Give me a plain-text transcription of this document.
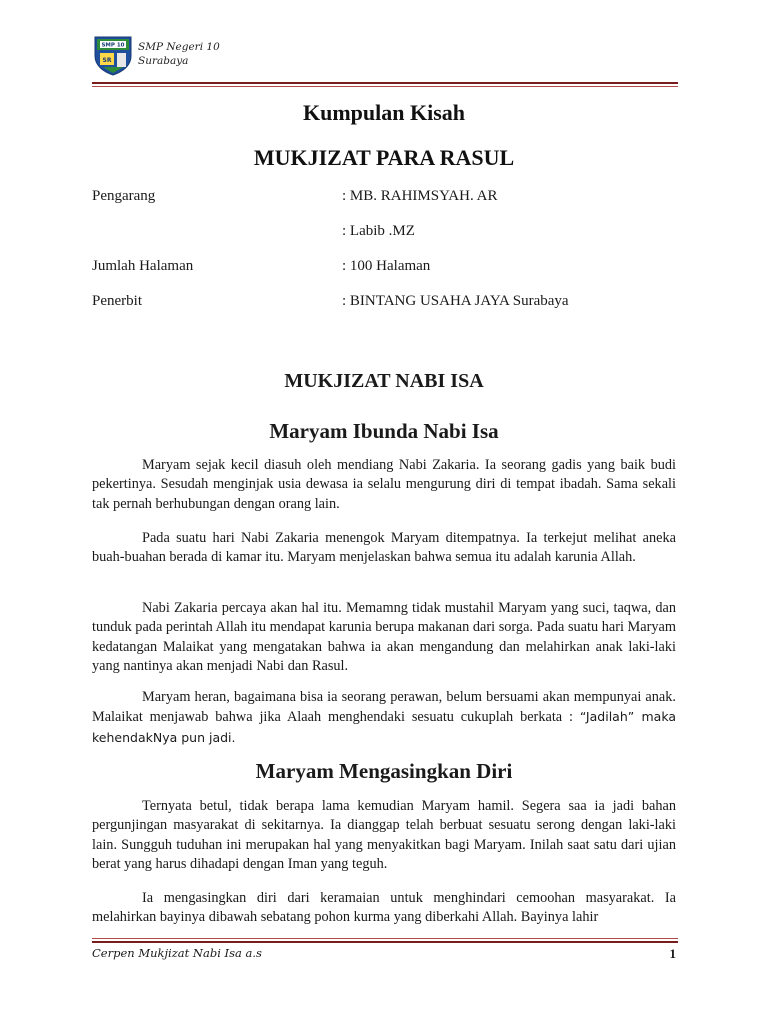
SMP 10
SR
SMP Negeri 10
Surabaya
Kumpulan Kisah
MUKJIZAT PARA RASUL
Pengarang	: MB. RAHIMSYAH. AR
: Labib .MZ
Jumlah Halaman	: 100 Halaman
Penerbit	: BINTANG USAHA JAYA Surabaya
MUKJIZAT NABI ISA
Maryam Ibunda Nabi Isa

Maryam sejak kecil diasuh oleh mendiang Nabi Zakaria. Ia seorang gadis yang baik budi pekertinya. Sesudah menginjak usia dewasa ia selalu mengurung diri di tempat ibadah. Sama sekali tak pernah berhubungan dengan orang lain.

Pada suatu hari Nabi Zakaria menengok Maryam ditempatnya. Ia terkejut melihat aneka buah-buahan berada di kamar itu. Maryam menjelaskan bahwa semua itu adalah karunia Allah.

Nabi Zakaria percaya akan hal itu. Memamng tidak mustahil Maryam yang suci, taqwa, dan tunduk pada perintah Allah itu mendapat karunia berupa makanan dari sorga. Pada suatu hari Maryam kedatangan Malaikat yang mengatakan bahwa ia akan mengandung dan melahirkan anak laki-laki yang nantinya akan menjadi Nabi dan Rasul.

Maryam heran, bagaimana bisa ia seorang perawan, belum bersuami akan mempunyai anak. Malaikat menjawab bahwa jika Alaah menghendaki sesuatu cukuplah berkata : “Jadilah” maka kehendakNya pun jadi.

Maryam Mengasingkan Diri

Ternyata betul, tidak berapa lama kemudian Maryam hamil. Segera saa ia jadi bahan pergunjingan masyarakat di sekitarnya. Ia dianggap telah berbuat sesuatu serong dengan laki-laki lain. Sungguh tuduhan ini merupakan hal yang menyakitkan bagi Maryam. Inilah saat satu dari ujian berat yang harus dihadapi dengan Iman yang teguh.

Ia mengasingkan diri dari keramaian untuk menghindari cemoohan masyarakat. Ia melahirkan bayinya dibawah sebatang pohon kurma yang diberkahi Allah. Bayinya lahir

Cerpen Mukjizat Nabi Isa a.s	1
